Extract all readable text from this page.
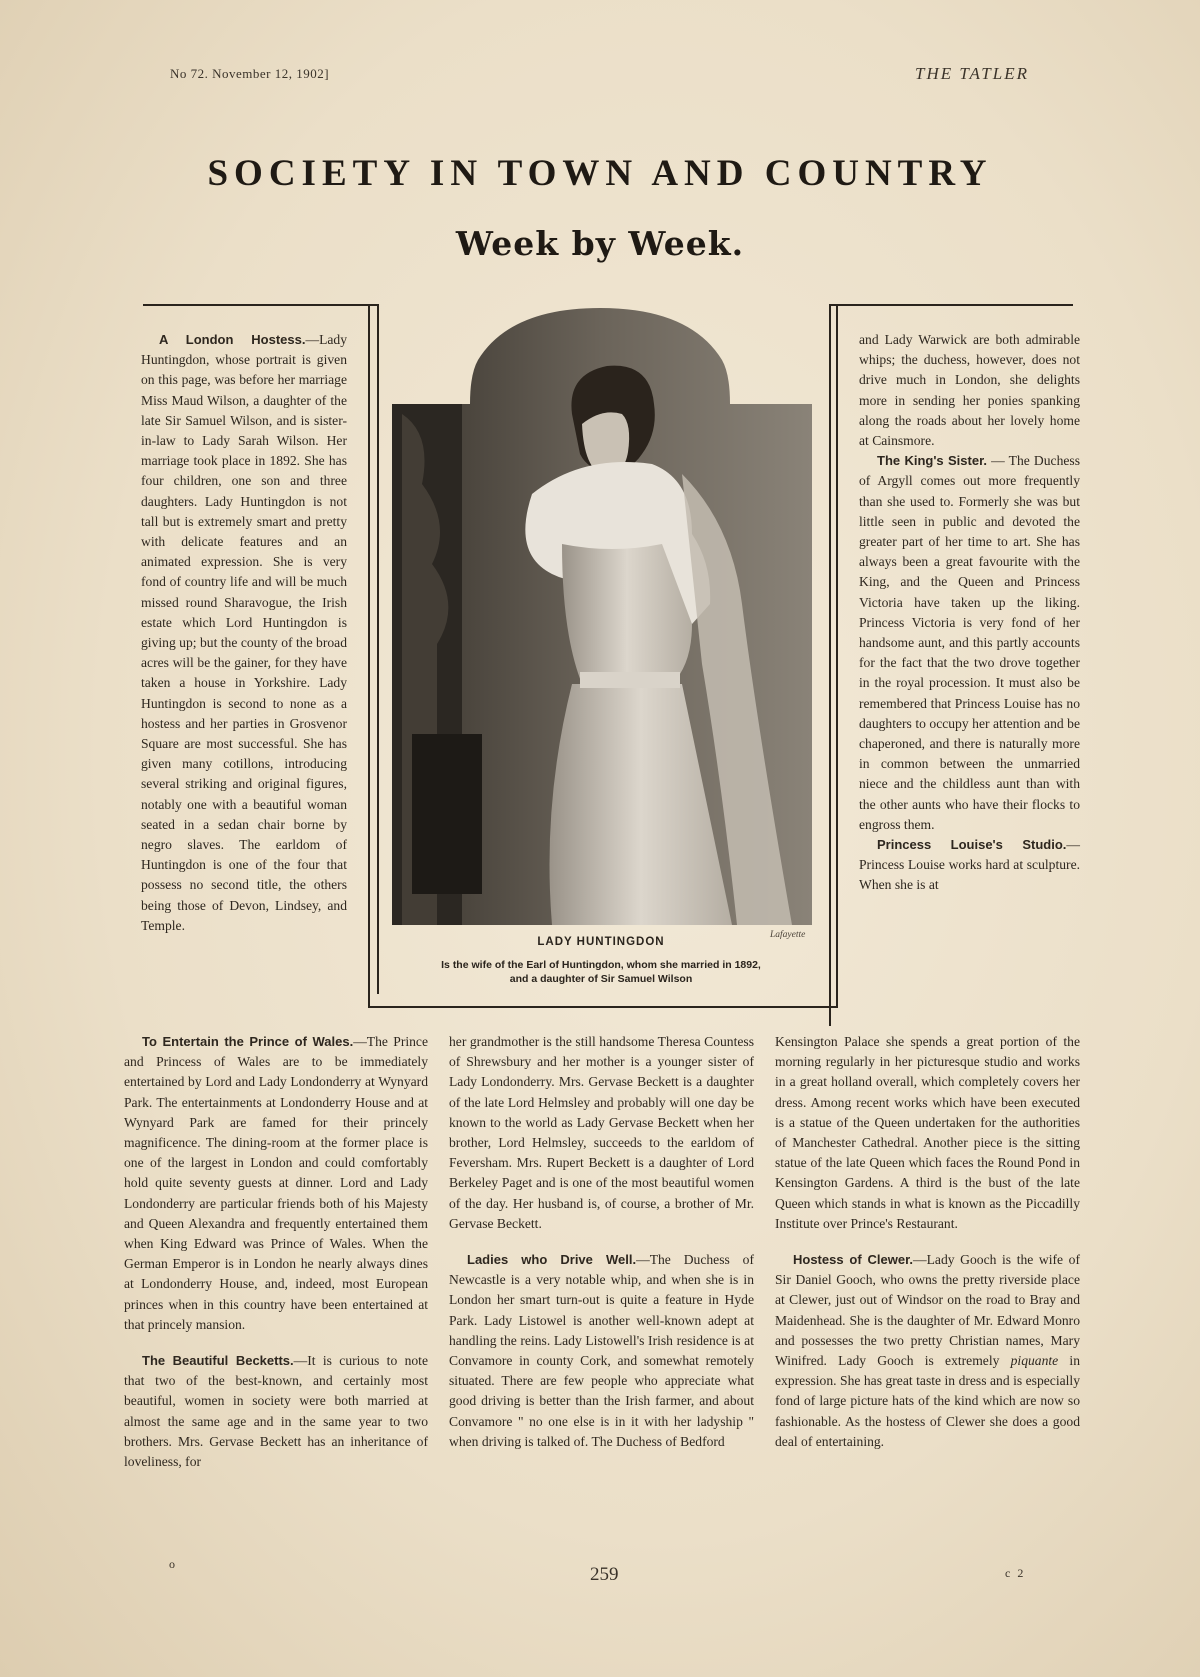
No 72. November 12, 1902]	THE TATLER
SOCIETY IN TOWN AND COUNTRY
Week by Week.
LADY HUNTINGDON
Lafayette
Is the wife of the Earl of Huntingdon, whom she married in 1892,
and a daughter of Sir Samuel Wilson

A London Hostess.—Lady Huntingdon, whose portrait is given on this page, was before her marriage Miss Maud Wilson, a daughter of the late Sir Samuel Wilson, and is sister-in-law to Lady Sarah Wilson. Her marriage took place in 1892. She has four children, one son and three daughters. Lady Huntingdon is not tall but is extremely smart and pretty with delicate features and an animated expression. She is very fond of country life and will be much missed round Sharavogue, the Irish estate which Lord Huntingdon is giving up; but the county of the broad acres will be the gainer, for they have taken a house in Yorkshire. Lady Huntingdon is second to none as a hostess and her parties in Grosvenor Square are most successful. She has given many cotillons, introducing several striking and original figures, notably one with a beautiful woman seated in a sedan chair borne by negro slaves. The earldom of Huntingdon is one of the four that possess no second title, the others being those of Devon, Lindsey, and Temple.

and Lady Warwick are both admirable whips; the duchess, however, does not drive much in London, she delights more in sending her ponies spanking along the roads about her lovely home at Cainsmore.

The King's Sister. — The Duchess of Argyll comes out more frequently than she used to. Formerly she was but little seen in public and devoted the greater part of her time to art. She has always been a great favourite with the King, and the Queen and Princess Victoria have taken up the liking. Princess Victoria is very fond of her handsome aunt, and this partly accounts for the fact that the two drove together in the royal procession. It must also be remembered that Princess Louise has no daughters to occupy her attention and be chaperoned, and there is naturally more in common between the unmarried niece and the childless aunt than with the other aunts who have their flocks to engross them.

Princess Louise's Studio.— Princess Louise works hard at sculpture. When she is at

To Entertain the Prince of Wales.—The Prince and Princess of Wales are to be immediately entertained by Lord and Lady Londonderry at Wynyard Park. The entertainments at Londonderry House and at Wynyard Park are famed for their princely magnificence. The dining-room at the former place is one of the largest in London and could comfortably hold quite seventy guests at dinner. Lord and Lady Londonderry are particular friends both of his Majesty and Queen Alexandra and frequently entertained them when King Edward was Prince of Wales. When the German Emperor is in London he nearly always dines at Londonderry House, and, indeed, most European princes when in this country have been entertained at that princely mansion.

The Beautiful Becketts.—It is curious to note that two of the best-known, and certainly most beautiful, women in society were both married at almost the same age and in the same year to two brothers. Mrs. Gervase Beckett has an inheritance of loveliness, for

her grandmother is the still handsome Theresa Countess of Shrewsbury and her mother is a younger sister of Lady Londonderry. Mrs. Gervase Beckett is a daughter of the late Lord Helmsley and probably will one day be known to the world as Lady Gervase Beckett when her brother, Lord Helmsley, succeeds to the earldom of Feversham. Mrs. Rupert Beckett is a daughter of Lord Berkeley Paget and is one of the most beautiful women of the day. Her husband is, of course, a brother of Mr. Gervase Beckett.

Ladies who Drive Well.—The Duchess of Newcastle is a very notable whip, and when she is in London her smart turn-out is quite a feature in Hyde Park. Lady Listowel is another well-known adept at handling the reins. Lady Listowell's Irish residence is at Convamore in county Cork, and somewhat remotely situated. There are few people who appreciate what good driving is better than the Irish farmer, and about Convamore " no one else is in it with her ladyship " when driving is talked of. The Duchess of Bedford

Kensington Palace she spends a great portion of the morning regularly in her picturesque studio and works in a great holland overall, which completely covers her dress. Among recent works which have been executed is a statue of the Queen undertaken for the authorities of Manchester Cathedral. Another piece is the sitting statue of the late Queen which faces the Round Pond in Kensington Gardens. A third is the bust of the late Queen which stands in what is known as the Piccadilly Institute over Prince's Restaurant.

Hostess of Clewer.—Lady Gooch is the wife of Sir Daniel Gooch, who owns the pretty riverside place at Clewer, just out of Windsor on the road to Bray and Maidenhead. She is the daughter of Mr. Edward Monro and possesses the two pretty Christian names, Mary Winifred. Lady Gooch is extremely piquante in expression. She has great taste in dress and is especially fond of large picture hats of the kind which are now so fashionable. As the hostess of Clewer she does a good deal of entertaining.

o	259	c 2
